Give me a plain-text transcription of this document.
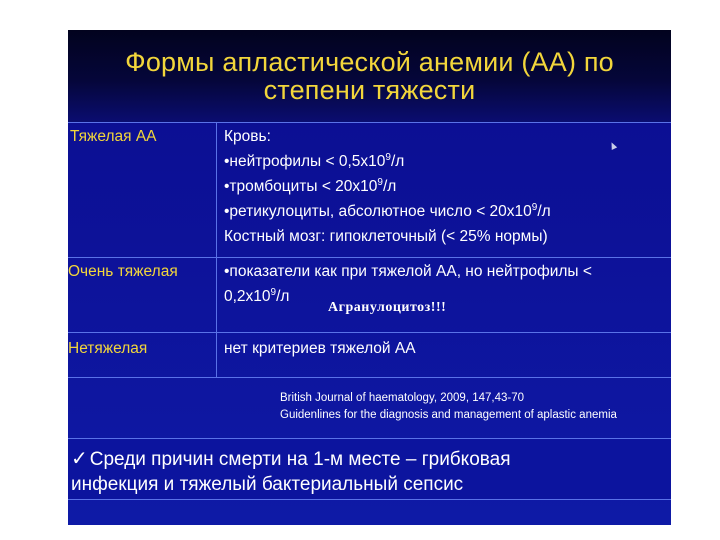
Формы апластической анемии (АА) по
степени тяжести
Тяжелая АА	Кровь:
•нейтрофилы < $0,5х10^9/л$
•тромбоциты < $20х10^9/л$
•ретикулоциты, абсолютное число < $20х10^9/л$
Костный мозг: гипоклеточный (< 25% нормы)
Очень тяжелая	•показатели как при тяжелой АА, но нейтрофилы <
$0,2х10^9/л$
Агранулоцитоз!!!
Нетяжелая	нет критериев тяжелой АА
British Journal of haematology, 2009, 147,43-70
Guidenlines for the diagnosis and management of aplastic anemia
✓ Среди причин смерти на 1-м месте – грибковая
инфекция и тяжелый бактериальный сепсис
